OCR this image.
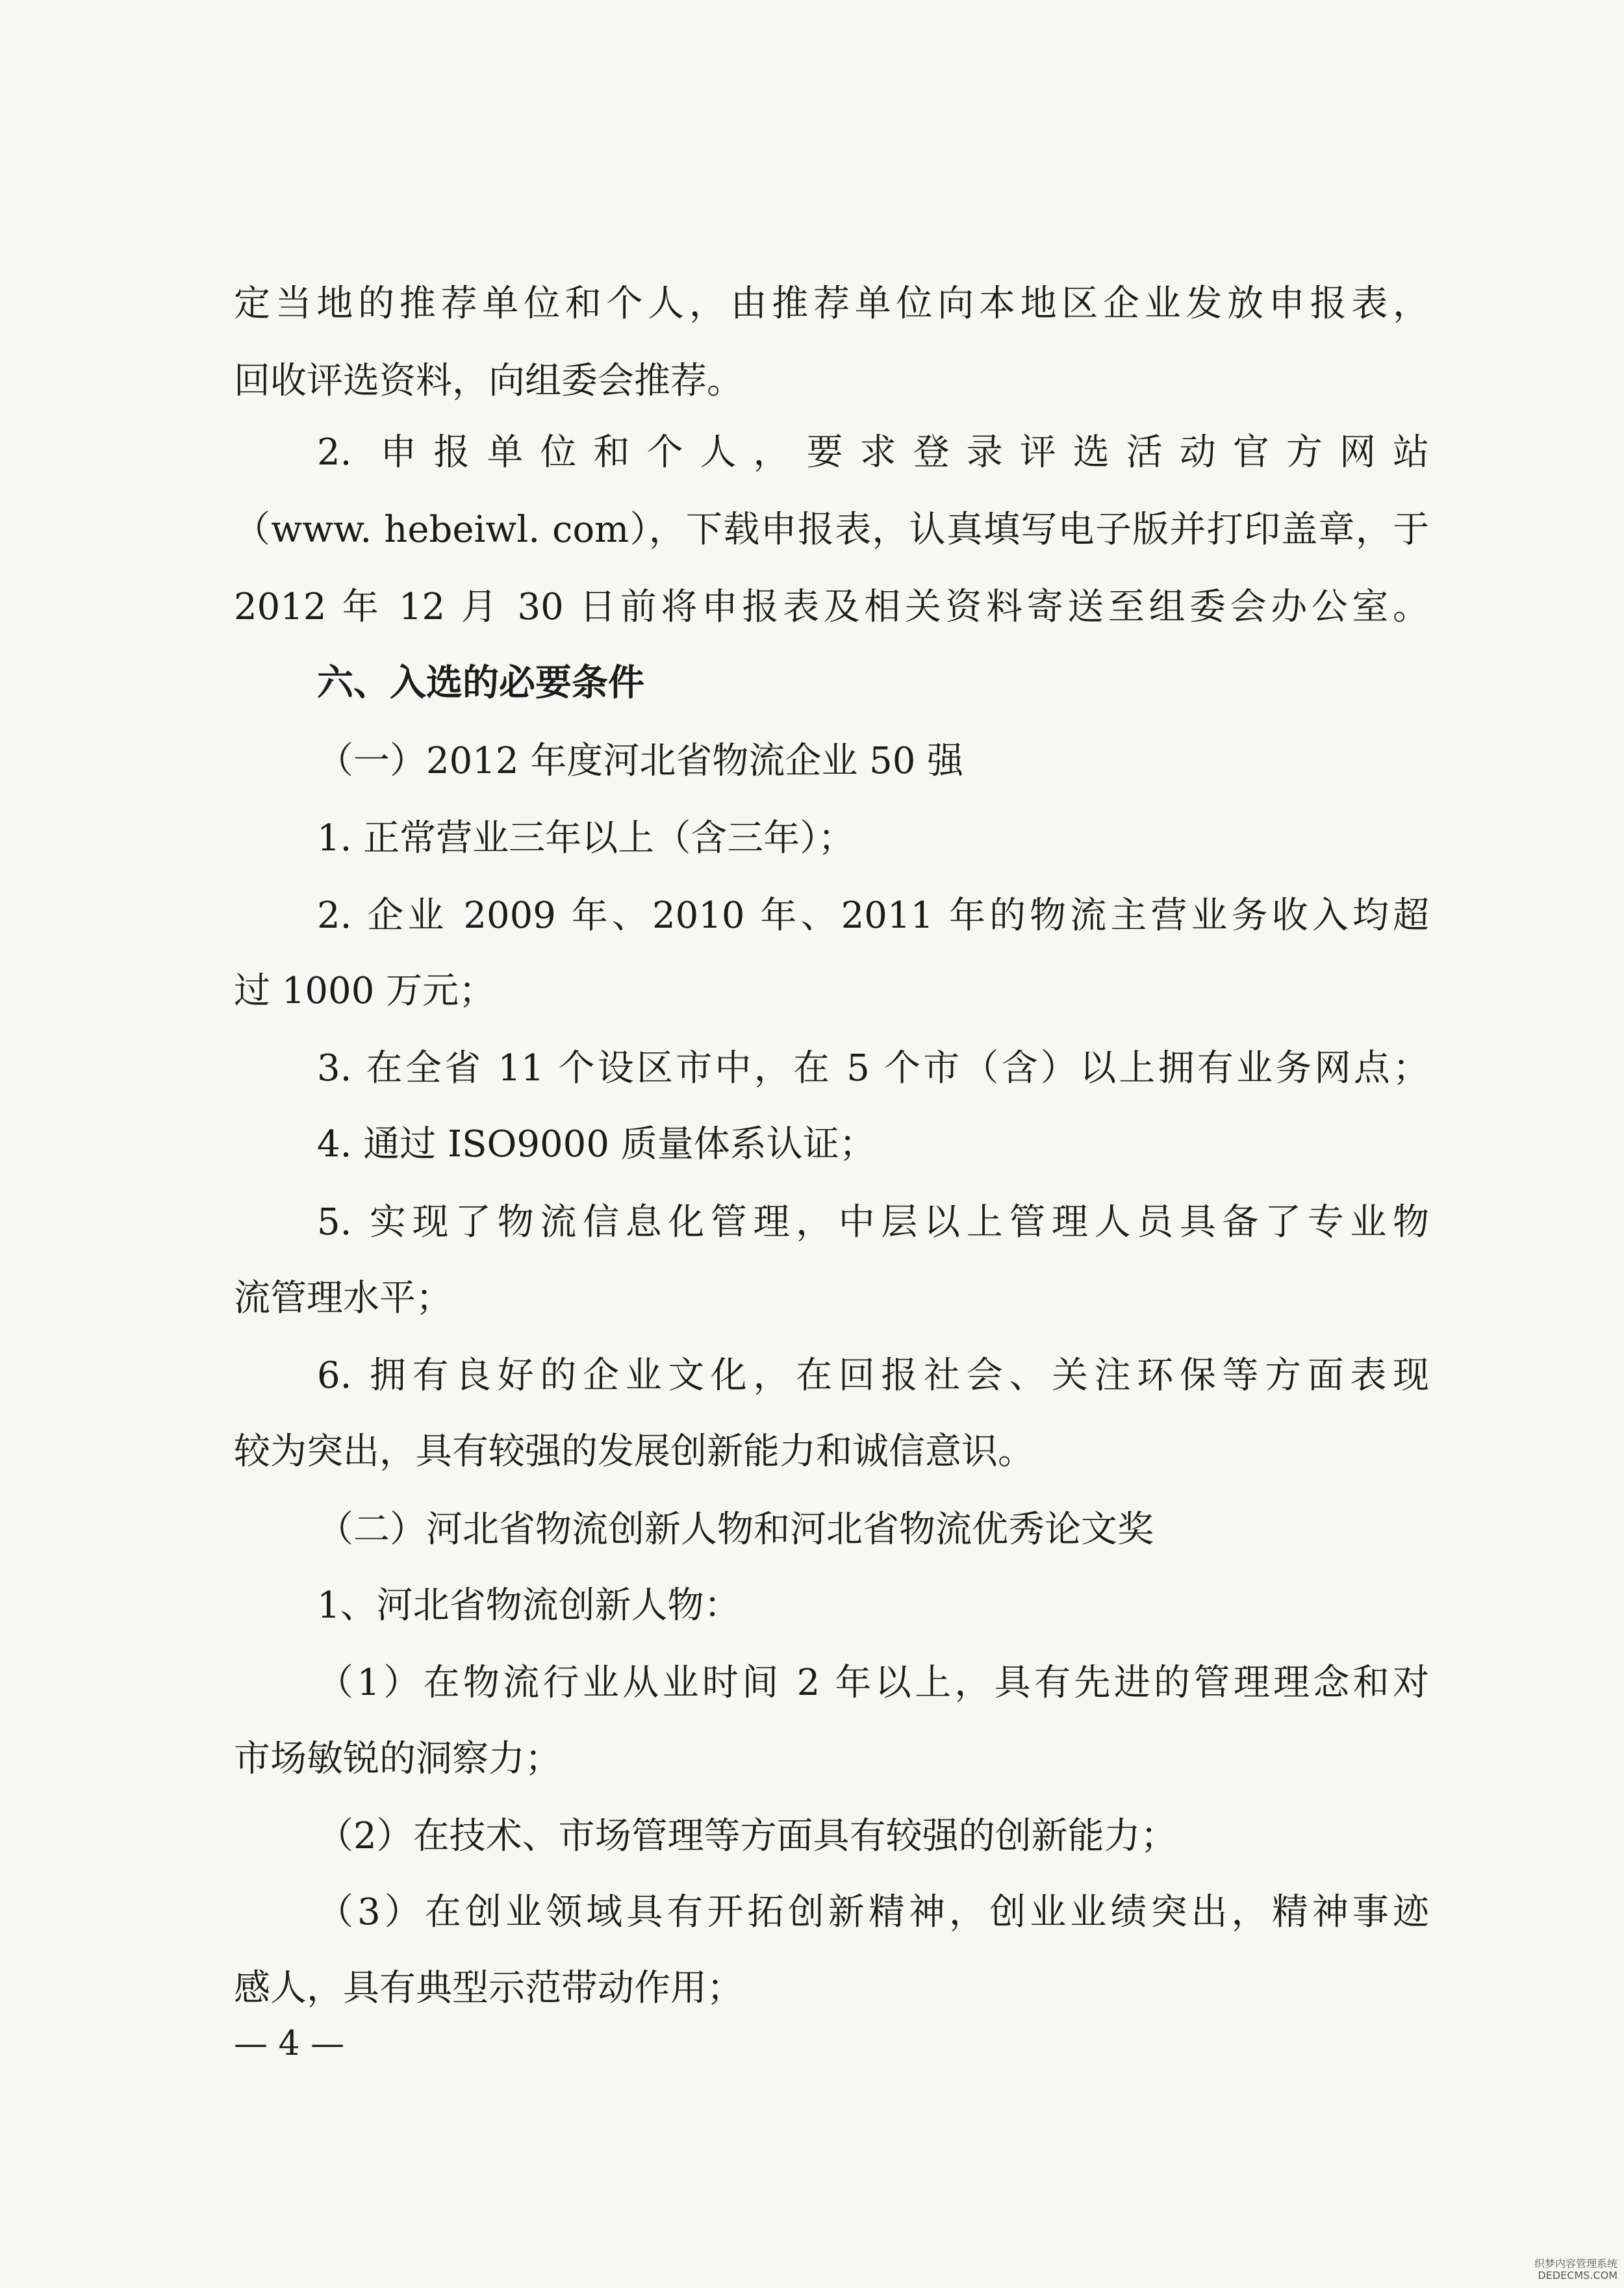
定当地的推荐单位和个人，由推荐单位向本地区企业发放申报表，
回收评选资料，向组委会推荐。
2. 申报单位和个人，要求登录评选活动官方网站
（www. hebeiwl. com），下载申报表，认真填写电子版并打印盖章，于
2012 年 12 月 30 日前将申报表及相关资料寄送至组委会办公室。
六、入选的必要条件
（一）2012 年度河北省物流企业 50 强
1. 正常营业三年以上（含三年）；
2. 企业 2009 年、2010 年、2011 年的物流主营业务收入均超
过 1000 万元；
3. 在全省 11 个设区市中，在 5 个市（含）以上拥有业务网点；
4. 通过 ISO9000 质量体系认证；
5. 实现了物流信息化管理，中层以上管理人员具备了专业物
流管理水平；
6. 拥有良好的企业文化，在回报社会、关注环保等方面表现
较为突出，具有较强的发展创新能力和诚信意识。
（二）河北省物流创新人物和河北省物流优秀论文奖
1、河北省物流创新人物：
（1）在物流行业从业时间 2 年以上，具有先进的管理理念和对
市场敏锐的洞察力；
（2）在技术、市场管理等方面具有较强的创新能力；
（3）在创业领域具有开拓创新精神，创业业绩突出，精神事迹
感人，具有典型示范带动作用；
— 4 —
织梦内容管理系统
DEDECMS.COM
